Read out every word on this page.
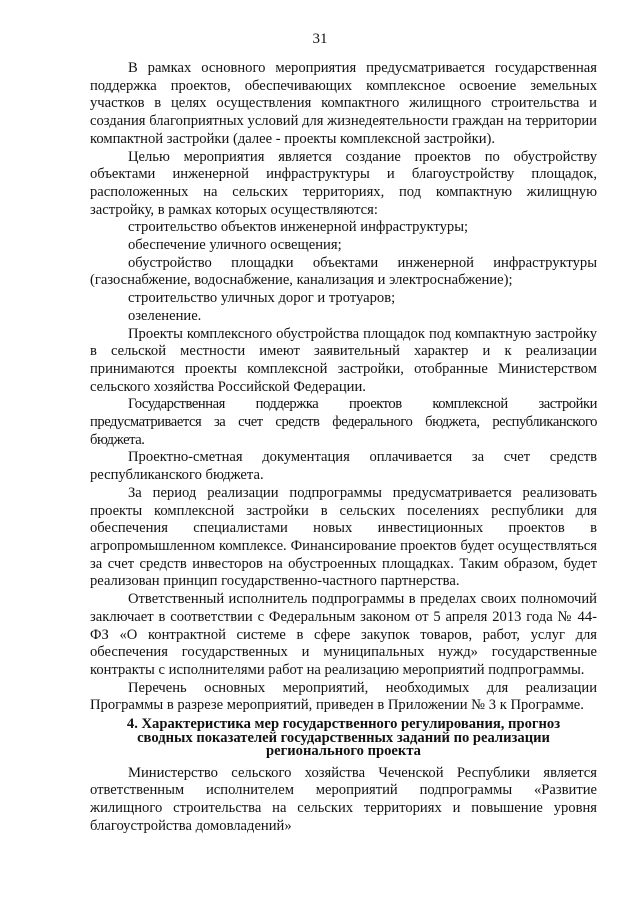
31

В рамках основного мероприятия предусматривается государственная поддержка проектов, обеспечивающих комплексное освоение земельных участков в целях осуществления компактного жилищного строительства и создания благоприятных условий для жизнедеятельности граждан на территории компактной застройки (далее - проекты комплексной застройки).

Целью мероприятия является создание проектов по обустройству объектами инженерной инфраструктуры и благоустройству площадок, расположенных на сельских территориях, под компактную жилищную застройку, в рамках которых осуществляются:

строительство объектов инженерной инфраструктуры;

обеспечение уличного освещения;

обустройство площадки объектами инженерной инфраструктуры (газоснабжение, водоснабжение, канализация и электроснабжение);

строительство уличных дорог и тротуаров;

озеленение.

Проекты комплексного обустройства площадок под компактную застройку в сельской местности имеют заявительный характер и к реализации принимаются проекты комплексной застройки, отобранные Министерством сельского хозяйства Российской Федерации.

Государственная поддержка проектов комплексной застройки предусматривается за счет средств федерального бюджета, республиканского бюджета.

Проектно-сметная документация оплачивается за счет средств республиканского бюджета.

За период реализации подпрограммы предусматривается реализовать проекты комплексной застройки в сельских поселениях республики для обеспечения специалистами новых инвестиционных проектов в агропромышленном комплексе. Финансирование проектов будет осуществляться за счет средств инвесторов на обустроенных площадках. Таким образом, будет реализован принцип государственно-частного партнерства.

Ответственный исполнитель подпрограммы в пределах своих полномочий заключает в соответствии с Федеральным законом от 5 апреля 2013 года № 44-ФЗ «О контрактной системе в сфере закупок товаров, работ, услуг для обеспечения государственных и муниципальных нужд» государственные контракты с исполнителями работ на реализацию мероприятий подпрограммы.

Перечень основных мероприятий, необходимых для реализации Программы в разрезе мероприятий, приведен в Приложении № 3 к Программе.

4. Характеристика мер государственного регулирования, прогноз
сводных показателей государственных заданий по реализации
регионального проекта

Министерство сельского хозяйства Чеченской Республики является ответственным исполнителем мероприятий подпрограммы «Развитие жилищного строительства на сельских территориях и повышение уровня благоустройства домовладений»
